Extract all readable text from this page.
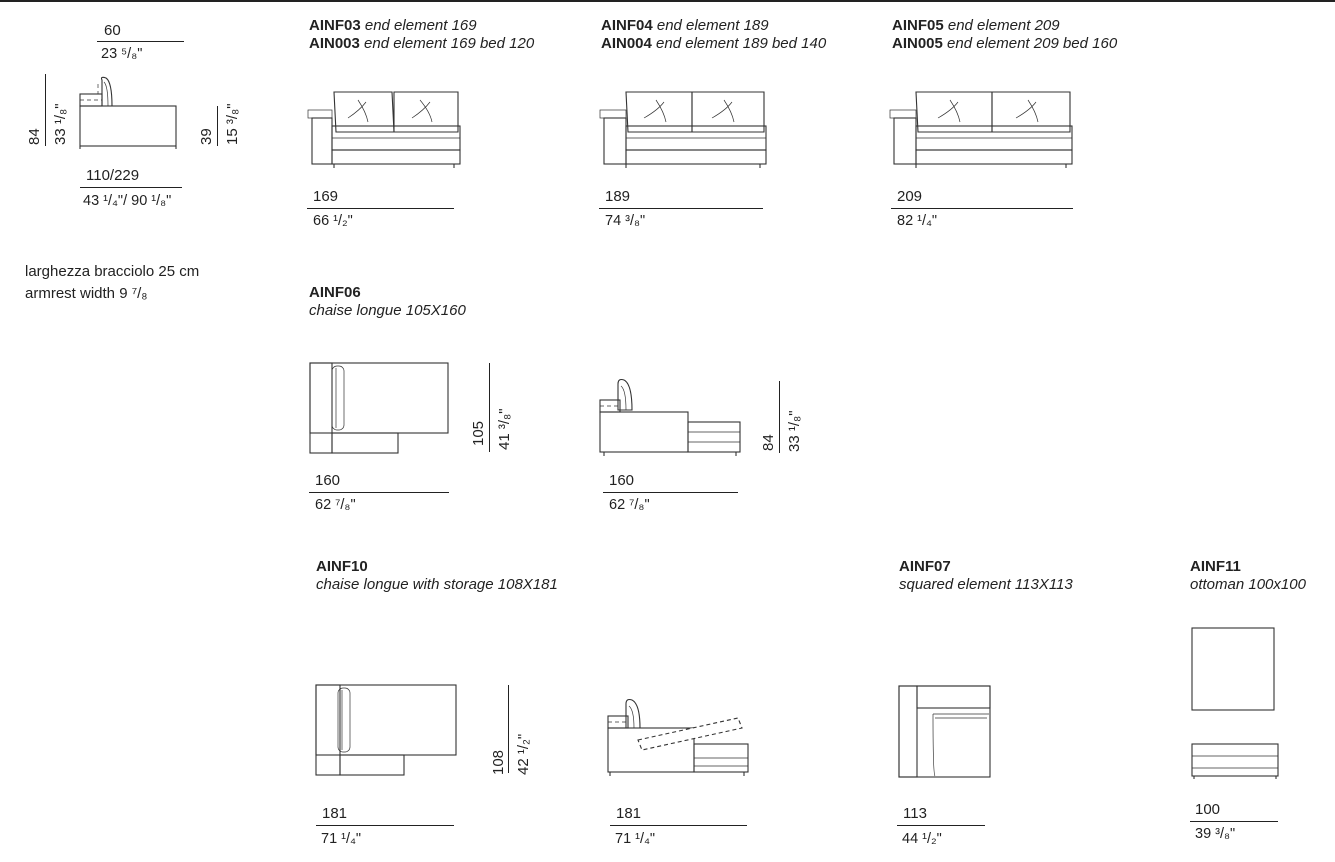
60
23 ⁵/₈"
84 33 ¹/₈"	39 15 ³/₈"
110/229
43 ¹/₄"/ 90 ¹/₈"
larghezza bracciolo 25 cm
armrest width 9 ⁷/₈
AINF03 end element 169
AIN003 end element 169 bed 120
169
66 ¹/₂"
AINF04 end element 189
AIN004 end element 189 bed 140
189
74 ³/₈"
AINF05 end element 209
AIN005 end element 209 bed 160
209
82 ¹/₄"
AINF06
chaise longue 105X160
105 41 ³/₈"
160
62 ⁷/₈"
84 33 ¹/₈"
160
62 ⁷/₈"
AINF10
chaise longue with storage 108X181
108 42 ¹/₂"
181
71 ¹/₄"
181
71 ¹/₄"
AINF07
squared element 113X113
113
44 ¹/₂"
AINF11
ottoman 100x100
100
39 ³/₈"
